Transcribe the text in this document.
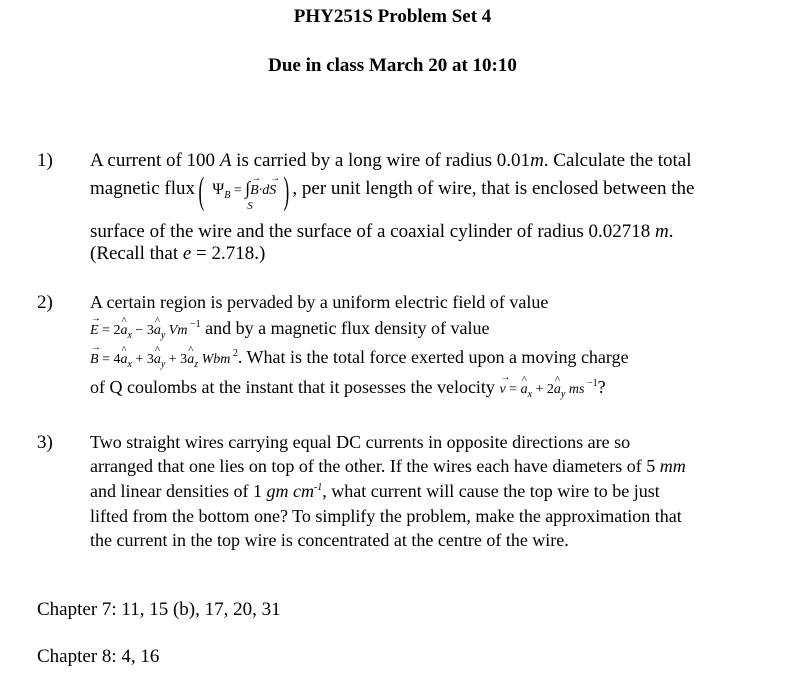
PHY251S Problem Set 4
Due in class March 20 at 10:10
1) A current of 100 A is carried by a long wire of radius 0.01m. Calculate the total
magnetic flux( $\Psi_B$ = ∫
S
→ B·d→ S ) , per unit length of wire, that is enclosed between the
surface of the wire and the surface of a coaxial cylinder of radius 0.02718 m.
(Recall that e = 2.718.)
2) A certain region is pervaded by a uniform electric field of value
→ E = 2^ $a_x$ − 3^ $a_y$ Vm $^{-1}$ and by a magnetic flux density of value
→ B = 4^ $a_x$ + 3^ $a_y$ + 3^ $a_z$ Wbm $^2$. What is the total force exerted upon a moving charge
of Q coulombs at the instant that it posesses the velocity → v = ^ $a_x$ + 2^ $a_y$ ms $^{-1}$?
3) Two straight wires carrying equal DC currents in opposite directions are so
arranged that one lies on top of the other. If the wires each have diameters of 5 mm
and linear densities of 1 gm $cm^{-1}$, what current will cause the top wire to be just
lifted from the bottom one? To simplify the problem, make the approximation that
the current in the top wire is concentrated at the centre of the wire.
Chapter 7: 11, 15 (b), 17, 20, 31
Chapter 8: 4, 16
